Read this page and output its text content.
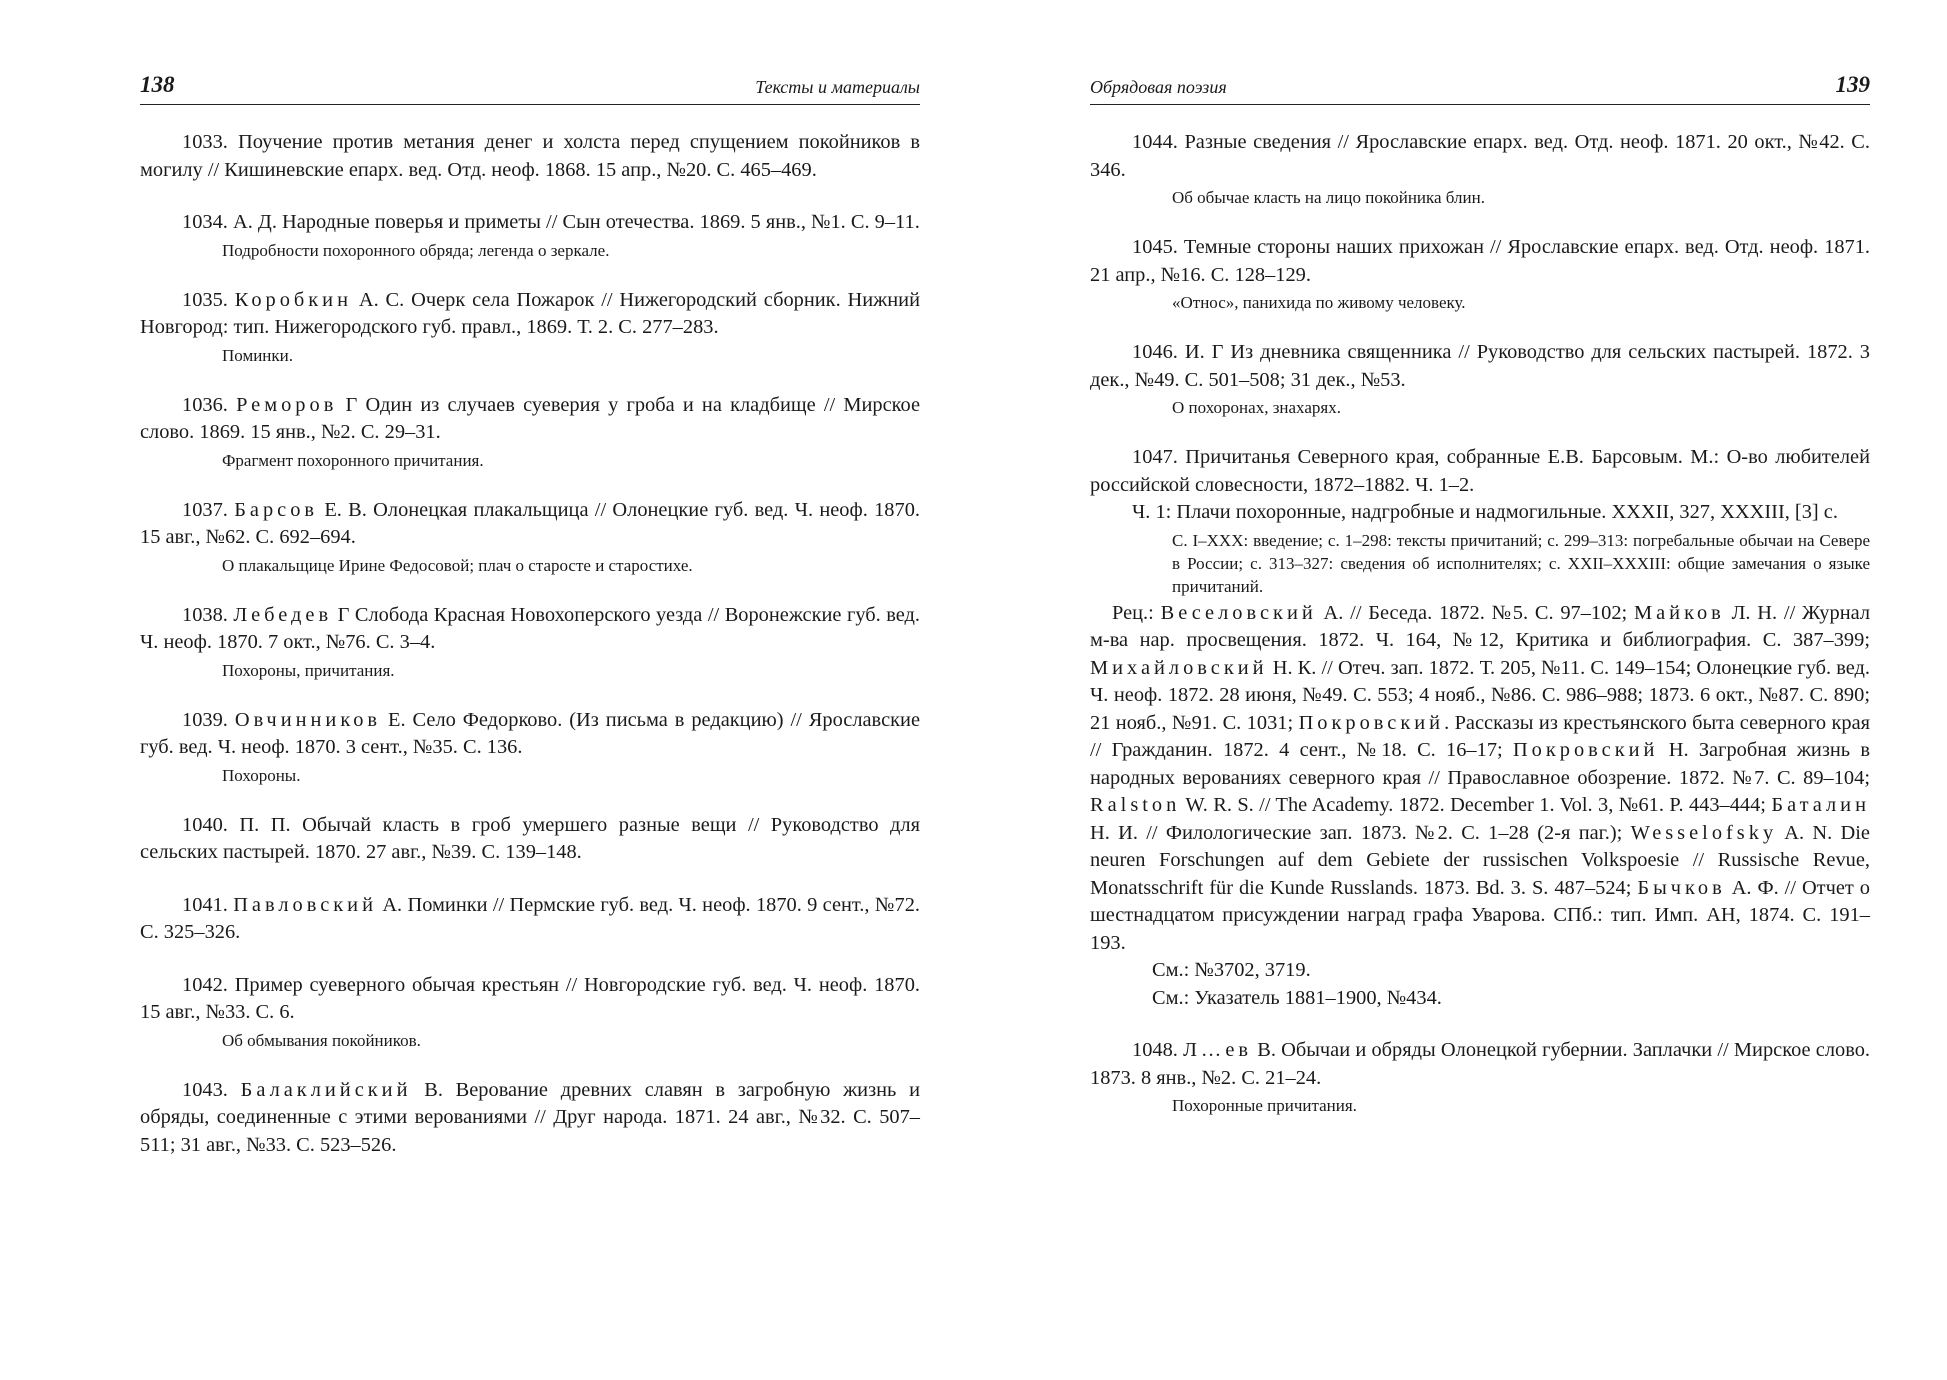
138	Тексты и материалы

1033. Поучение против метания денег и холста перед спущением покойников в могилу // Кишиневские епарх. вед. Отд. неоф. 1868. 15 апр., №20. С. 465–469.

1034. А. Д. Народные поверья и приметы // Сын отечества. 1869. 5 янв., №1. С. 9–11.

Подробности похоронного обряда; легенда о зеркале.

1035. Коробкин А. С. Очерк села Пожарок // Нижегородский сборник. Нижний Новгород: тип. Нижегородского губ. правл., 1869. Т. 2. С. 277–283.

Поминки.

1036. Реморов Г Один из случаев суеверия у гроба и на кладбище // Мирское слово. 1869. 15 янв., №2. С. 29–31.

Фрагмент похоронного причитания.

1037. Барсов Е. В. Олонецкая плакальщица // Олонецкие губ. вед. Ч. неоф. 1870. 15 авг., №62. С. 692–694.

О плакальщице Ирине Федосовой; плач о старосте и старостихе.

1038. Лебедев Г Слобода Красная Новохоперского уезда // Воронежские губ. вед. Ч. неоф. 1870. 7 окт., №76. С. 3–4.

Похороны, причитания.

1039. Овчинников Е. Село Федорково. (Из письма в редакцию) // Ярославские губ. вед. Ч. неоф. 1870. 3 сент., №35. С. 136.

Похороны.

1040. П. П. Обычай класть в гроб умершего разные вещи // Руководство для сельских пастырей. 1870. 27 авг., №39. С. 139–148.

1041. Павловский А. Поминки // Пермские губ. вед. Ч. неоф. 1870. 9 сент., №72. С. 325–326.

1042. Пример суеверного обычая крестьян // Новгородские губ. вед. Ч. неоф. 1870. 15 авг., №33. С. 6.

Об обмывания покойников.

1043. Балаклийский В. Верование древних славян в загробную жизнь и обряды, соединенные с этими верованиями // Друг народа. 1871. 24 авг., №32. С. 507–511; 31 авг., №33. С. 523–526.

Обрядовая поэзия	139

1044. Разные сведения // Ярославские епарх. вед. Отд. неоф. 1871. 20 окт., №42. С. 346.

Об обычае класть на лицо покойника блин.

1045. Темные стороны наших прихожан // Ярославские епарх. вед. Отд. неоф. 1871. 21 апр., №16. С. 128–129.

«Относ», панихида по живому человеку.

1046. И. Г Из дневника священника // Руководство для сельских пастырей. 1872. 3 дек., №49. С. 501–508; 31 дек., №53.

О похоронах, знахарях.

1047. Причитанья Северного края, собранные Е.В. Барсовым. М.: О-во любителей российской словесности, 1872–1882. Ч. 1–2.

Ч. 1: Плачи похоронные, надгробные и надмогильные. XXXII, 327, XXXIII, [3] с.

С. I–XXX: введение; с. 1–298: тексты причитаний; с. 299–313: погребальные обычаи на Севере в России; с. 313–327: сведения об исполнителях; с. XXII–XXXIII: общие замечания о языке причитаний.

Рец.: Веселовский А. // Беседа. 1872. №5. С. 97–102; Майков Л. Н. // Журнал м-ва нар. просвещения. 1872. Ч. 164, №12, Критика и библиография. С. 387–399; Михайловский Н. К. // Отеч. зап. 1872. Т. 205, №11. С. 149–154; Олонецкие губ. вед. Ч. неоф. 1872. 28 июня, №49. С. 553; 4 нояб., №86. С. 986–988; 1873. 6 окт., №87. С. 890; 21 нояб., №91. С. 1031; Покровский. Рассказы из крестьянского быта северного края // Гражданин. 1872. 4 сент., №18. С. 16–17; Покровский Н. Загробная жизнь в народных верованиях северного края // Православное обозрение. 1872. №7. С. 89–104; Ralston W. R. S. // The Academy. 1872. December 1. Vol. 3, №61. P. 443–444; Баталин Н. И. // Филологические зап. 1873. №2. С. 1–28 (2-я паг.); Wesselofsky A. N. Die neuren Forschungen auf dem Gebiete der russischen Volkspoesie // Russische Revue, Monatsschrift für die Kunde Russlands. 1873. Bd. 3. S. 487–524; Бычков А. Ф. // Отчет о шестнадцатом присуждении наград графа Уварова. СПб.: тип. Имп. АН, 1874. С. 191–193.

См.: №3702, 3719.

См.: Указатель 1881–1900, №434.

1048. Л…ев В. Обычаи и обряды Олонецкой губернии. Заплачки // Мирское слово. 1873. 8 янв., №2. С. 21–24.

Похоронные причитания.
